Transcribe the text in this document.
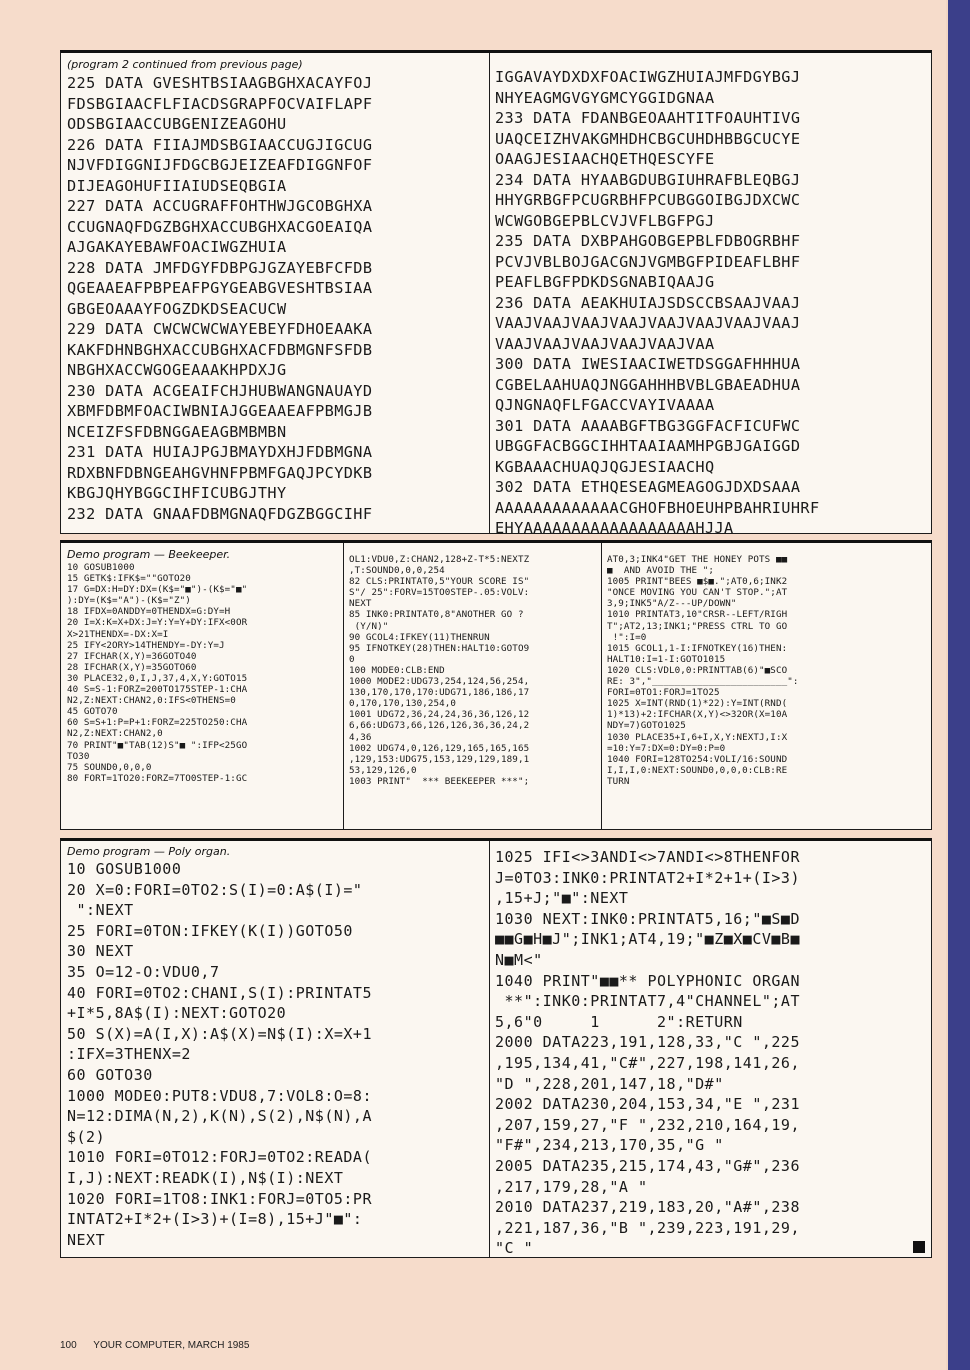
(program 2 continued from previous page)
225 DATA GVESHTBSIAAGBGHXACAYFOJ
FDSBGIAACFLFIACDSGRAPFOCVAIFLAPF
ODSBGIAACCUBGENIZEAGOHU
226 DATA FIIAJMDSBGIAACCUGJIGCUG
NJVFDIGGNIJFDGCBGJEIZEAFDIGGNFOF
DIJEAGOHUFIIAIUDSEQBGIA
227 DATA ACCUGRAFFOHTHWJGCOBGHXA
CCUGNAQFDGZBGHXACCUBGHXACGOEAIQA
AJGAKAYEBAWFOACIWGZHUIA
228 DATA JMFDGYFDBPGJGZAYEBFCFDB
QGEAAEAFPBPEAFPGYGEABGVESHTBSIAA
GBGEOAAAYFOGZDKDSEACUCW
229 DATA CWCWCWCWAYEBEYFDHOEAAKA
KAKFDHNBGHXACCUBGHXACFDBMGNFSFDB
NBGHXACCWGOGEAAAKHPDXJG
230 DATA ACGEAIFCHJHUBWANGNAUAYD
XBMFDBMFOACIWBNIAJGGEAAEAFPBMGJB
NCEIZFSFDBNGGAEAGBMBMBN
231 DATA HUIAJPGJBMAYDXHJFDBMGNA
RDXBNFDBNGEAHGVHNFPBMFGAQJPCYDKB
KBGJQHYBGGCIHFICUBGJTHY
232 DATA GNAAFDBMGNAQFDGZBGGCIHF
IGGAVAYDXDXFOACIWGZHUIAJMFDGYBGJ
NHYEAGMGVGYGMCYGGIDGNAA
233 DATA FDANBGEOAAHTITFOAUHTIVG
UAQCEIZHVAKGMHDHCBGCUHDHBBGCUCYE
OAAGJESIAACHQETHQESCYFE
234 DATA HYAABGDUBGIUHRAFBLEQBGJ
HHYGRBGFPCUGRBHFPCUBGGOIBGJDXCWC
WCWGOBGEPBLCVJVFLBGFPGJ
235 DATA DXBPAHGOBGEPBLFDBOGRBHF
PCVJVBLBOJGACGNJVGMBGFPIDEAFLBHF
PEAFLBGFPDKDSGNABIQAAJG
236 DATA AEAKHUIAJSDSCCBSAAJVAAJ
VAAJVAAJVAAJVAAJVAAJVAAJVAAJVAAJ
VAAJVAAJVAAJVAAJVAAJVAA
300 DATA IWESIAACIWETDSGGAFHHHUA
CGBELAAHUAQJNGGAHHHBVBLGBAEADHUA
QJNGNAQFLFGACCVAYIVAAAA
301 DATA AAAABGFTBG3GGFACFICUFWC
UBGGFACBGGCIHHTAAIAAMHPGBJGAIGGD
KGBAAACHUAQJQGJESIAACHQ
302 DATA ETHQESEAGMEAGOGJDXDSAAA
AAAAAAAAAAAAACGHOFBHOEUHPBAHRIUHRF
EHYAAAAAAAAAAAAAAAAAAHJJA
Demo program — Beekeeper.
10 GOSUB1000
15 GETK$:IFK$=""GOTO20
17 G=DX:H=DY:DX=(K$="■")-(K$="■"
):DY=(K$="A")-(K$="Z")
18 IFDX=0ANDDY=0THENDX=G:DY=H
20 I=X:K=X+DX:J=Y:Y=Y+DY:IFX<0OR
X>21THENDX=-DX:X=I
25 IFY<2ORY>14THENDY=-DY:Y=J
27 IFCHAR(X,Y)=36GOTO40
28 IFCHAR(X,Y)=35GOTO60
30 PLACE32,0,I,J,37,4,X,Y:GOTO15
40 S=S-1:FORZ=200TO175STEP-1:CHA
N2,Z:NEXT:CHAN2,0:IFS<0THENS=0
45 GOTO70
60 S=S+1:P=P+1:FORZ=225TO250:CHA
N2,Z:NEXT:CHAN2,0
70 PRINT"■"TAB(12)S"■ ":IFP<25GO
TO30
75 SOUND0,0,0,0
80 FORT=1TO20:FORZ=7TO0STEP-1:GC
OL1:VDU0,Z:CHAN2,128+Z-T*5:NEXTZ
,T:SOUND0,0,0,254
82 CLS:PRINTAT0,5"YOUR SCORE IS"
S"/ 25":FORV=15TO0STEP-.05:VOLV:
NEXT
85 INK0:PRINTAT0,8"ANOTHER GO ?
(Y/N)"
90 GCOL4:IFKEY(11)THENRUN
95 IFNOTKEY(28)THEN:HALT10:GOTO9
0
100 MODE0:CLB:END
1000 MODE2:UDG73,254,124,56,254,
130,170,170,170:UDG71,186,186,17
0,170,170,130,254,0
1001 UDG72,36,24,24,36,36,126,12
6,66:UDG73,66,126,126,36,36,24,2
4,36
1002 UDG74,0,126,129,165,165,165
,129,153:UDG75,153,129,129,189,1
53,129,126,0
1003 PRINT"  *** BEEKEEPER ***";
AT0,3;INK4"GET THE HONEY POTS ■■
■  AND AVOID THE ";
1005 PRINT"BEES ■$■.";AT0,6;INK2
"ONCE MOVING YOU CAN'T STOP.";AT
3,9;INK5"A/Z---UP/DOWN"
1010 PRINTAT3,10"CRSR--LEFT/RIGH
T";AT2,13;INK1;"PRESS CTRL TO GO
!":I=0
1015 GCOL1,1-I:IFNOTKEY(16)THEN:
HALT10:I=1-I:GOTO1015
1020 CLS:VDL0,0:PRINTTAB(6)"■SCO
RE: 3","________________________":
FORI=0TO1:FORJ=1TO25
1025 X=INT(RND(1)*22):Y=INT(RND(
1)*13)+2:IFCHAR(X,Y)<>32OR(X=10A
NDY=7)GOTO1025
1030 PLACE35+I,6+I,X,Y:NEXTJ,I:X
=10:Y=7:DX=0:DY=0:P=0
1040 FORI=128TO254:VOLI/16:SOUND
I,I,I,0:NEXT:SOUND0,0,0,0:CLB:RE
TURN
Demo program — Poly organ.
10 GOSUB1000
20 X=0:FORI=0TO2:S(I)=0:A$(I)="
":NEXT
25 FORI=0TON:IFKEY(K(I))GOTO50
30 NEXT
35 O=12-O:VDU0,7
40 FORI=0TO2:CHANI,S(I):PRINTAT5
+I*5,8A$(I):NEXT:GOTO20
50 S(X)=A(I,X):A$(X)=N$(I):X=X+1
:IFX=3THENX=2
60 GOTO30
1000 MODE0:PUT8:VDU8,7:VOL8:O=8:
N=12:DIMA(N,2),K(N),S(2),N$(N),A
$(2)
1010 FORI=0TO12:FORJ=0TO2:READA(
I,J):NEXT:READK(I),N$(I):NEXT
1020 FORI=1TO8:INK1:FORJ=0TO5:PR
INTAT2+I*2+(I>3)+(I=8),15+J"■":
NEXT
1025 IFI<>3ANDI<>7ANDI<>8THENFOR
J=0TO3:INK0:PRINTAT2+I*2+1+(I>3)
,15+J;"■":NEXT
1030 NEXT:INK0:PRINTAT5,16;"■S■D
■■G■H■J";INK1;AT4,19;"■Z■X■CV■B■
N■M<"
1040 PRINT"■■** POLYPHONIC ORGAN
**":INK0:PRINTAT7,4"CHANNEL";AT
5,6"0     1      2":RETURN
2000 DATA223,191,128,33,"C ",225
,195,134,41,"C#",227,198,141,26,
"D ",228,201,147,18,"D#"
2002 DATA230,204,153,34,"E ",231
,207,159,27,"F ",232,210,164,19,
"F#",234,213,170,35,"G "
2005 DATA235,215,174,43,"G#",236
,217,179,28,"A "
2010 DATA237,219,183,20,"A#",238
,221,187,36,"B ",239,223,191,29,
"C "
100 YOUR COMPUTER, MARCH 1985
